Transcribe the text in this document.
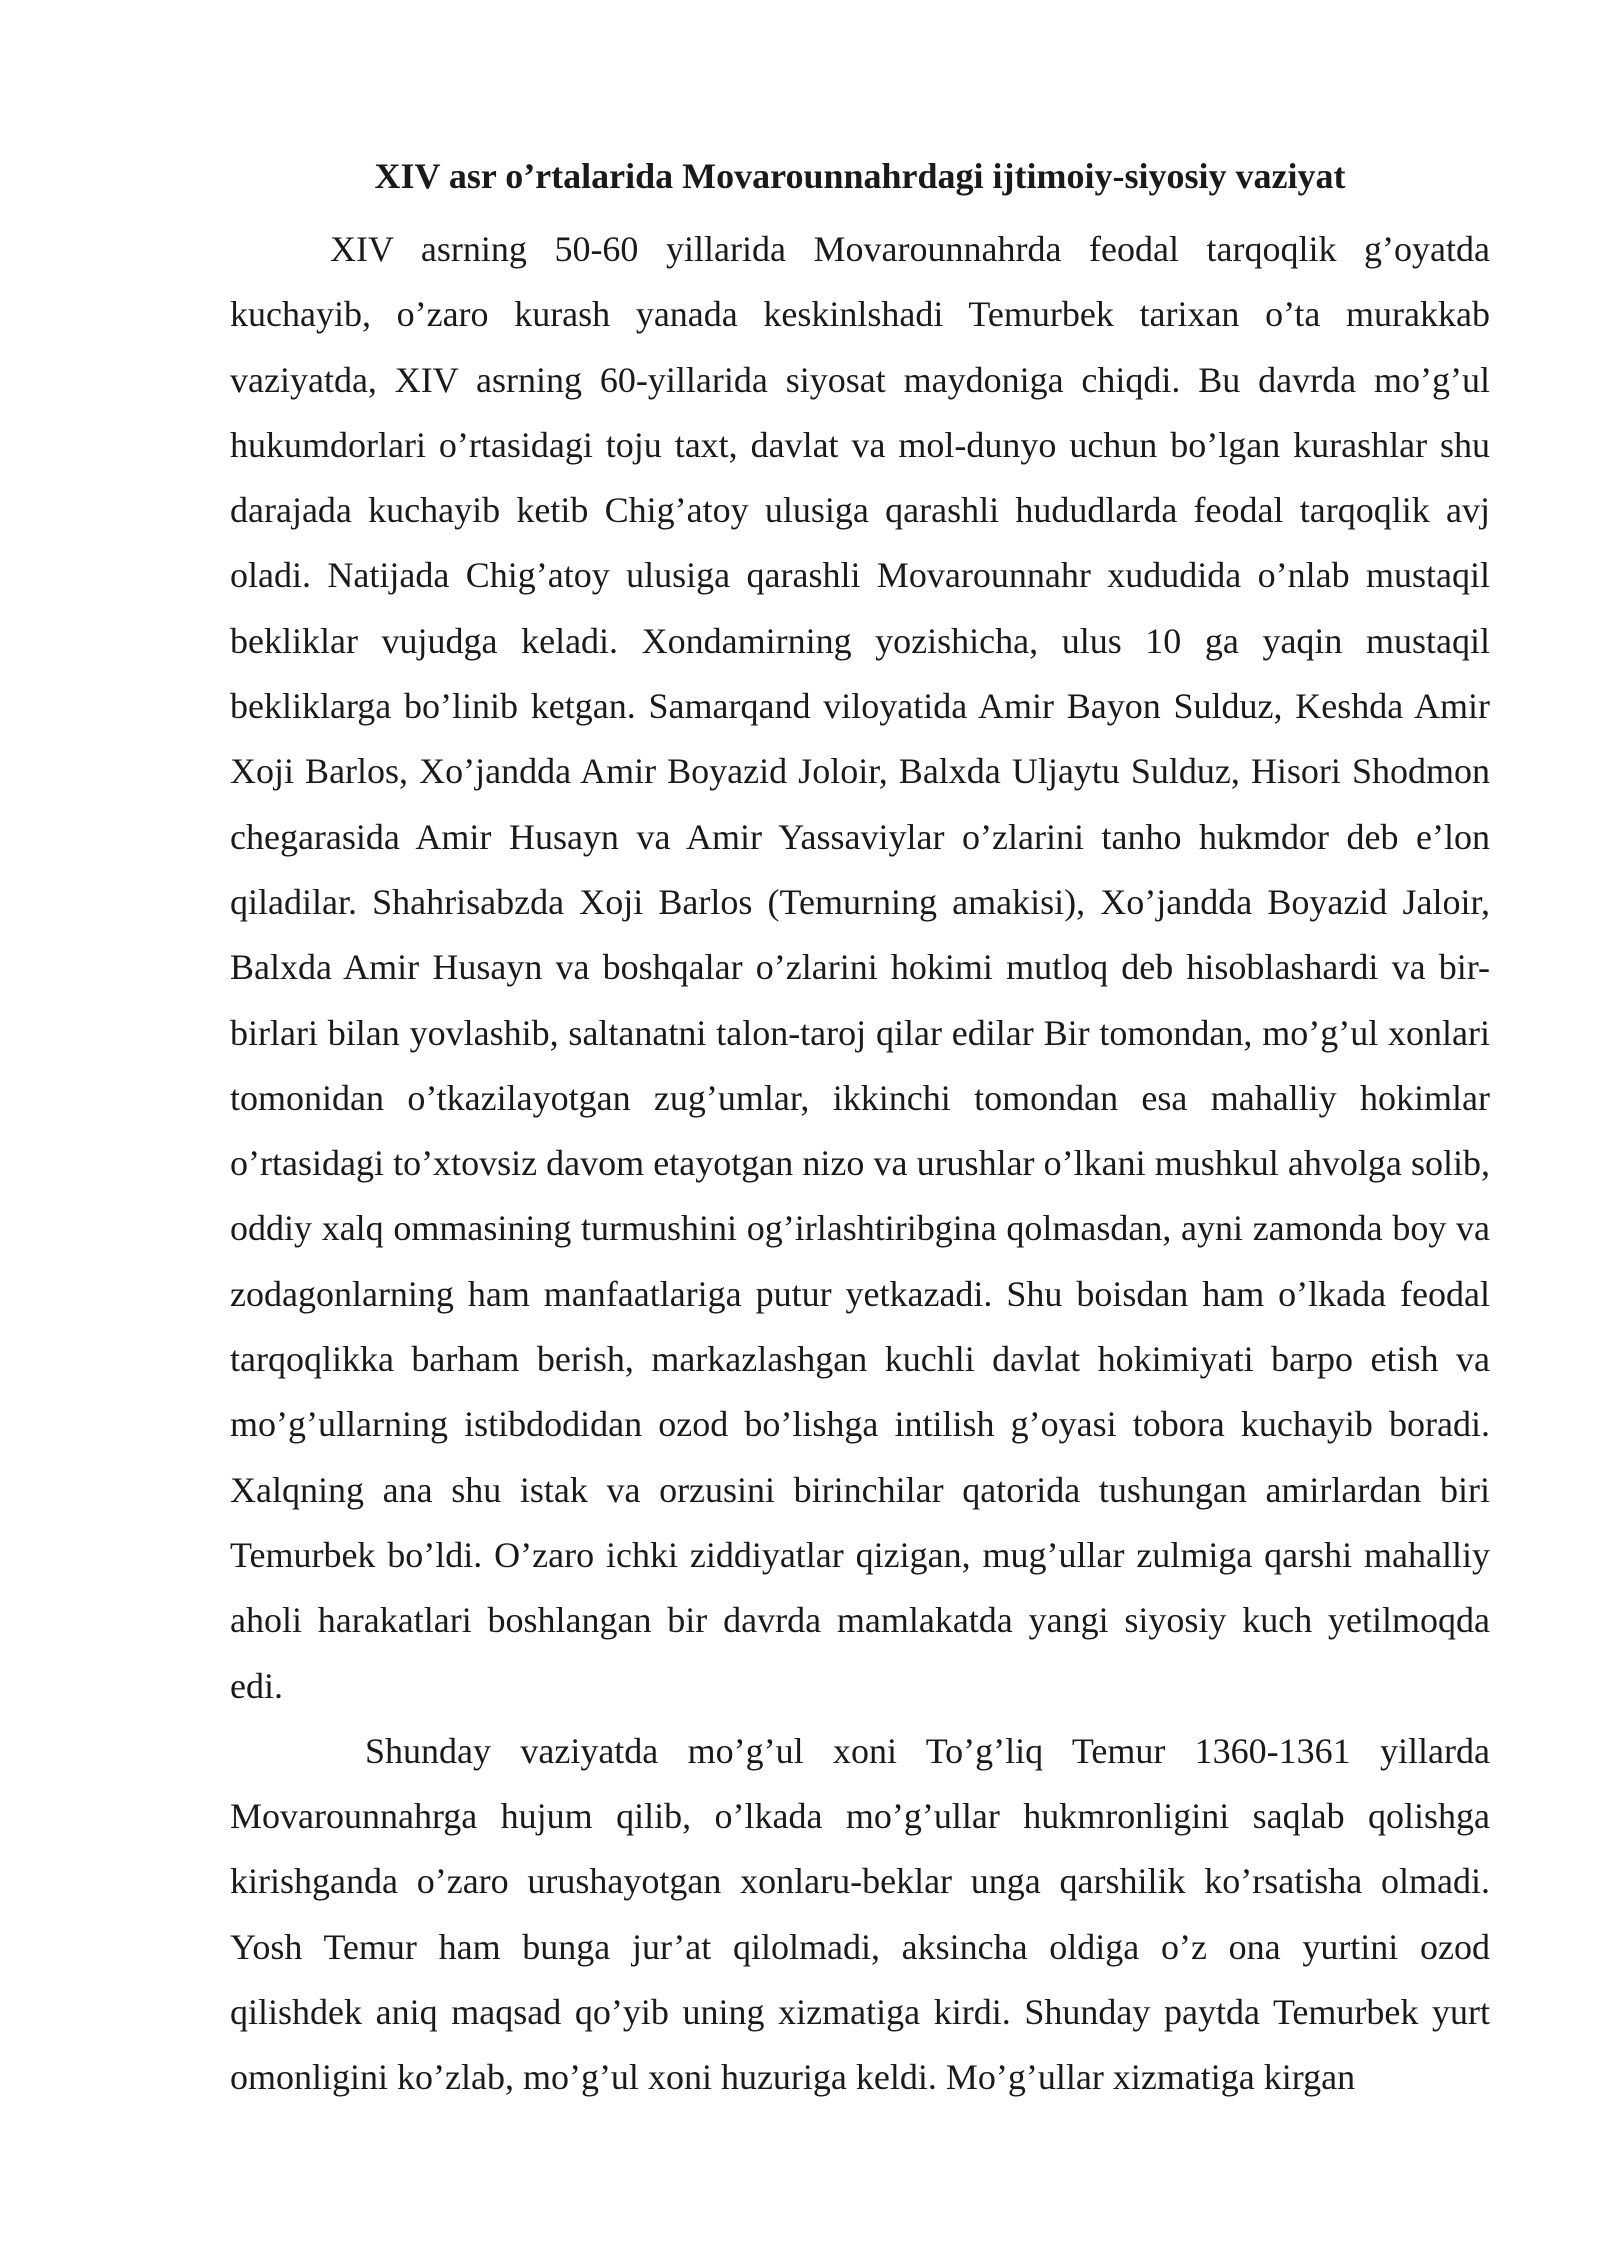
XIV asr o’rtalarida Movarounnahrdagi ijtimoiy-siyosiy vaziyat

XIV asrning 50-60 yillarida Movarounnahrda feodal tarqoqlik g’oyatda kuchayib, o’zaro kurash yanada keskinlshadi Temurbek tarixan o’ta murakkab vaziyatda, XIV asrning 60-yillarida siyosat maydoniga chiqdi. Bu davrda mo’g’ul hukumdorlari o’rtasidagi toju taxt, davlat va mol-dunyo uchun bo’lgan kurashlar shu darajada kuchayib ketib Chig’atoy ulusiga qarashli hududlarda feodal tarqoqlik avj oladi. Natijada Chig’atoy ulusiga qarashli Movarounnahr xududida o’nlab mustaqil bekliklar vujudga keladi. Xondamirning yozishicha, ulus 10 ga yaqin mustaqil bekliklarga bo’linib ketgan. Samarqand viloyatida Amir Bayon Sulduz, Keshda Amir Xoji Barlos, Xo’jandda Amir Boyazid Joloir, Balxda Uljaytu Sulduz, Hisori Shodmon chegarasida Amir Husayn va Amir Yassaviylar o’zlarini tanho hukmdor deb e’lon qiladilar. Shahrisabzda Xoji Barlos (Temurning amakisi), Xo’jandda Boyazid Jaloir, Balxda Amir Husayn va boshqalar o’zlarini hokimi mutloq deb hisoblashardi va bir-birlari bilan yovlashib, saltanatni talon-taroj qilar edilar Bir tomondan, mo’g’ul xonlari tomonidan o’tkazilayotgan zug’umlar, ikkinchi tomondan esa mahalliy hokimlar o’rtasidagi to’xtovsiz davom etayotgan nizo va urushlar o’lkani mushkul ahvolga solib, oddiy xalq ommasining turmushini og’irlashtiribgina qolmasdan, ayni zamonda boy va zodagonlarning ham manfaatlariga putur yetkazadi. Shu boisdan ham o’lkada feodal tarqoqlikka barham berish, markazlashgan kuchli davlat hokimiyati barpo etish va mo’g’ullarning istibdodidan ozod bo’lishga intilish g’oyasi tobora kuchayib boradi. Xalqning ana shu istak va orzusini birinchilar qatorida tushungan amirlardan biri Temurbek bo’ldi. O’zaro ichki ziddiyatlar qizigan, mug’ullar zulmiga qarshi mahalliy aholi harakatlari boshlangan bir davrda mamlakatda yangi siyosiy kuch yetilmoqda edi.

Shunday vaziyatda mo’g’ul xoni To’g’liq Temur 1360-1361 yillarda Movarounnahrga hujum qilib, o’lkada mo’g’ullar hukmronligini saqlab qolishga kirishganda o’zaro urushayotgan xonlaru-beklar unga qarshilik ko’rsatisha olmadi. Yosh Temur ham bunga jur’at qilolmadi, aksincha oldiga o’z ona yurtini ozod qilishdek aniq maqsad qo’yib uning xizmatiga kirdi. Shunday paytda Temurbek yurt omonligini ko’zlab, mo’g’ul xoni huzuriga keldi. Mo’g’ullar xizmatiga kirgan
